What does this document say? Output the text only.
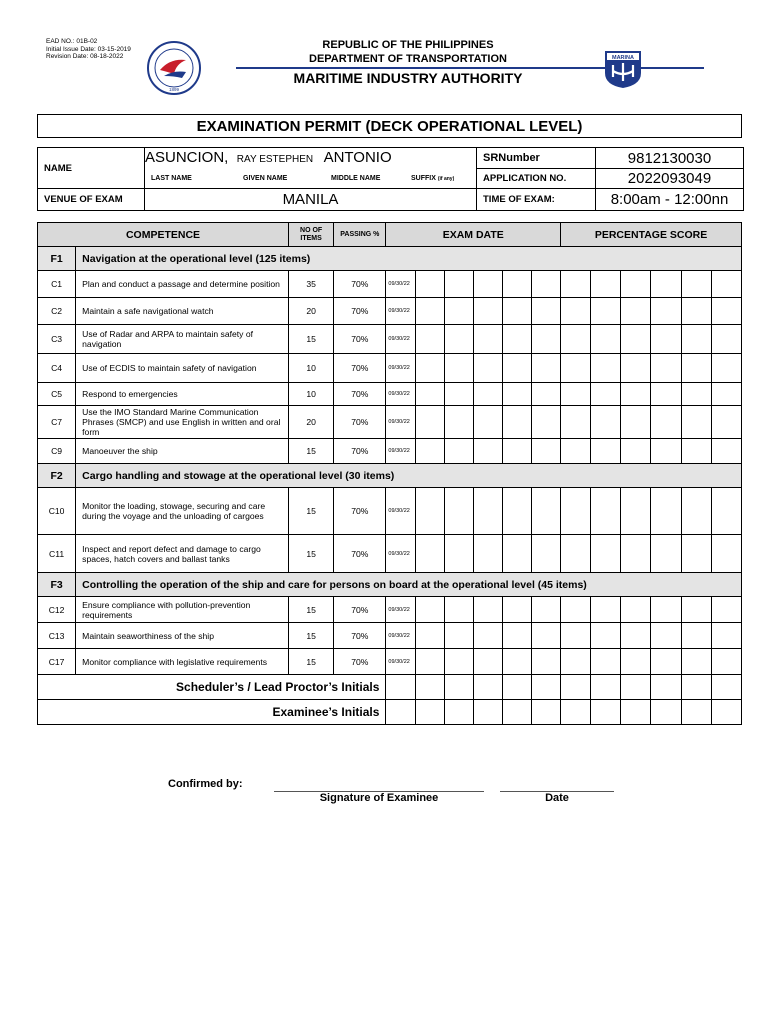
EAD NO.: 01B-02
Initial Issue Date: 03-15-2019
Revision Date: 08-18-2022
1899
REPUBLIC OF THE PHILIPPINES
DEPARTMENT OF TRANSPORTATION
MARITIME INDUSTRY AUTHORITY
MARINA
EXAMINATION PERMIT (DECK OPERATIONAL LEVEL)
NAME	ASUNCION, RAY ESTEPHEN ANTONIO	SRNumber	9812130030

	LAST NAME GIVEN NAME MIDDLE NAME SUFFIX (if any)	APPLICATION NO.	2022093049
VENUE OF EXAM	MANILA	TIME OF EXAM:	8:00am - 12:00nn
COMPETENCE		NO OF ITEMS	PASSING %	EXAM DATE						PERCENTAGE SCORE					
F1	Navigation at the operational level (125 items)														
C1	Plan and conduct a passage and determine position	35	70%	09/30/22											
C2	Maintain a safe navigational watch	20	70%	09/30/22											
C3	Use of Radar and ARPA to maintain safety of navigation	15	70%	09/30/22											
C4	Use of ECDIS to maintain safety of navigation	10	70%	09/30/22											
C5	Respond to emergencies	10	70%	09/30/22											
C7	Use the IMO Standard Marine Communication Phrases (SMCP) and use English in written and oral form	20	70%	09/30/22											
C9	Manoeuver the ship	15	70%	09/30/22											
F2	Cargo handling and stowage at the operational level (30 items)														
C10	Monitor the loading, stowage, securing and care during the voyage and the unloading of cargoes	15	70%	09/30/22											
C11	Inspect and report defect and damage to cargo spaces, hatch covers and ballast tanks	15	70%	09/30/22											
F3	Controlling the operation of the ship and care for persons on board at the operational level (45 items)														
C12	Ensure compliance with pollution-prevention requirements	15	70%	09/30/22											
C13	Maintain seaworthiness of the ship	15	70%	09/30/22											
C17	Monitor compliance with legislative requirements	15	70%	09/30/22											
Scheduler’s / Lead Proctor’s Initials															
Examinee’s Initials															
Confirmed by:
Signature of Examinee	Date
